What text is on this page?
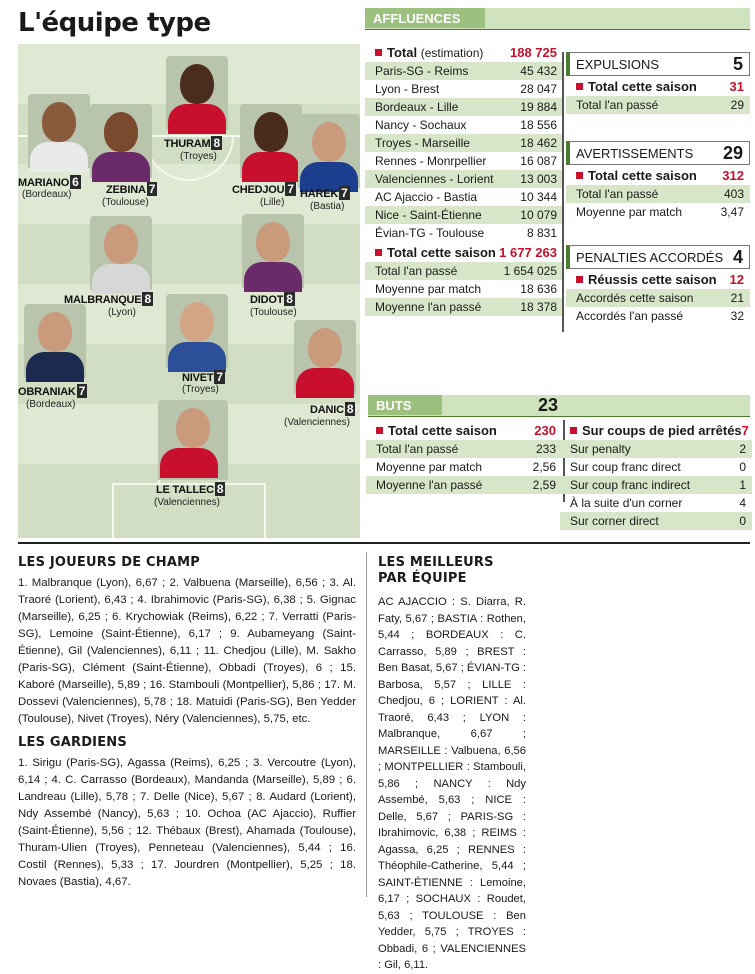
L'équipe type	AFFLUENCES
MARIANO 6
(Bordeaux)	ZEBINA 7
(Toulouse)
THURAM 8
(Troyes)
CHEDJOU 7
(Lille)
HAREK 7
(Bastia)
MALBRANQUE 8
(Lyon)
DIDOT 8
(Toulouse)
OBRANIAK 7
(Bordeaux)
NIVET 7
(Troyes)
DANIC 8
(Valenciennes)
LE TALLEC 8
(Valenciennes)
Total (estimation) 188 725
Paris-SG - Reims	45 432
Lyon - Brest	28 047
Bordeaux - Lille	19 884
Nancy - Sochaux	18 556
Troyes - Marseille	18 462
Rennes - Monrpellier	16 087
Valenciennes - Lorient 13 003
AC Ajaccio - Bastia	10 344
Nice - Saint-Étienne	10 079
Évian-TG - Toulouse	8 831
Total cette saison 1 677 263
Total l'an passé	1 654 025
Moyenne par match	18 636
Moyenne l'an passé	18 378
EXPULSIONS	5
Total cette saison	31
Total l'an passé	29
AVERTISSEMENTS 29
Total cette saison 312
Total l'an passé	403
Moyenne par match	3,47
PENALTIES ACCORDÉS 4
Réussis cette saison 12
Accordés cette saison	21
Accordés l'an passé	32
BUTS	23
Total cette saison	230
Total l'an passé	233
Moyenne par match	2,56
Moyenne l'an passé	2,59
Sur coups de pied arrêtés 7
Sur penalty	2
Sur coup franc direct	0
Sur coup franc indirect	1
À la suite d'un corner	4
Sur corner direct	0
LES JOUEURS DE CHAMP
1. Malbranque (Lyon), 6,67 ; 2. Valbuena (Marseille), 6,56 ; 3. Al. Traoré (Lorient), 6,43 ; 4. Ibrahimovic (Paris-SG), 6,38 ; 5. Gignac (Marseille), 6,25 ; 6. Krychowiak (Reims), 6,22 ; 7. Verratti (Paris-SG), Lemoine (Saint-Étienne), 6,17 ; 9. Aubameyang (Saint-Étienne), Gil (Valenciennes), 6,11 ; 11. Chedjou (Lille), M. Sakho (Paris-SG), Clément (Saint-Étienne), Obbadi (Troyes), 6 ; 15. Kaboré (Marseille), 5,89 ; 16. Stambouli (Montpellier), 5,86 ; 17. M. Dossevi (Valenciennes), 5,78 ; 18. Matuidi (Paris-SG), Ben Yedder (Toulouse), Nivet (Troyes), Néry (Valenciennes), 5,75, etc.
LES GARDIENS
1. Sirigu (Paris-SG), Agassa (Reims), 6,25 ; 3. Vercoutre (Lyon), 6,14 ; 4. C. Carrasso (Bordeaux), Mandanda (Marseille), 5,89 ; 6. Landreau (Lille), 5,78 ; 7. Delle (Nice), 5,67 ; 8. Audard (Lorient), Ndy Assembé (Nancy), 5,63 ; 10. Ochoa (AC Ajaccio), Ruffier (Saint-Étienne), 5,56 ; 12. Thébaux (Brest), Ahamada (Toulouse), Thuram-Ulien (Troyes), Penneteau (Valenciennes), 5,44 ; 16. Costil (Rennes), 5,33 ; 17. Jourdren (Montpellier), 5,25 ; 18. Novaes (Bastia), 4,67.
LES MEILLEURS
PAR ÉQUIPE
AC AJACCIO : S. Diarra, R. Faty, 5,67 ; BASTIA : Rothen, 5,44 ; BORDEAUX : C. Carrasso, 5,89 ; BREST : Ben Basat, 5,67 ; ÉVIAN-TG : Barbosa, 5,57 ; LILLE : Chedjou, 6 ; LORIENT : Al. Traoré, 6,43 ; LYON : Malbranque, 6,67 ; MARSEILLE : Valbuena, 6,56 ; MONTPELLIER : Stambouli, 5,86 ; NANCY : Ndy Assembé, 5,63 ; NICE : Delle, 5,67 ; PARIS-SG : Ibrahimovic, 6,38 ; REIMS : Agassa, 6,25 ; RENNES : Théophile-Catherine, 5,44 ; SAINT-ÉTIENNE : Lemoine, 6,17 ; SOCHAUX : Roudet, 5,63 ; TOULOUSE : Ben Yedder, 5,75 ; TROYES : Obbadi, 6 ; VALENCIENNES : Gil, 6,11.
